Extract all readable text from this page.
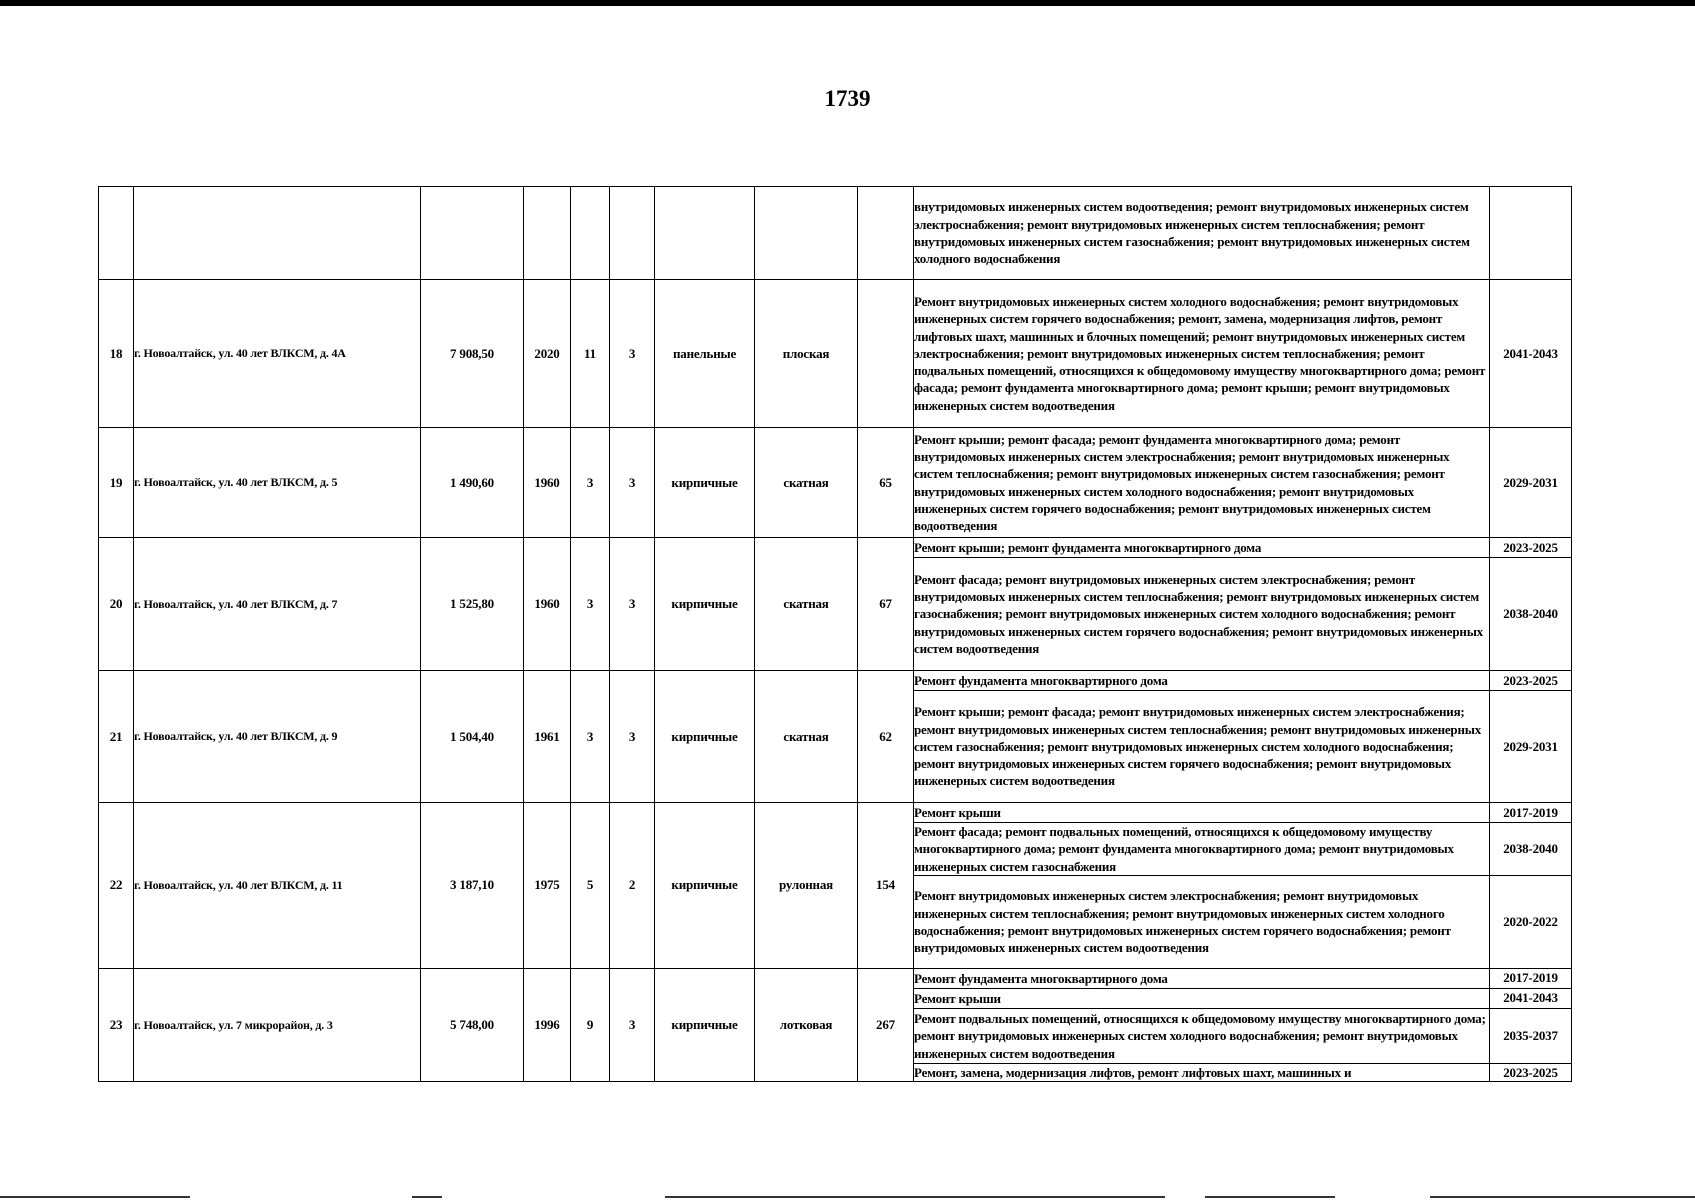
1739
									внутридомовых инженерных систем водоотведения; ремонт внутридомовых инженерных систем электроснабжения; ремонт внутридомовых инженерных систем теплоснабжения; ремонт внутридомовых инженерных систем газоснабжения; ремонт внутридомовых инженерных систем холодного водоснабжения	
18	г. Новоалтайск, ул. 40 лет ВЛКСМ, д. 4А	7 908,50	2020	11	3	панельные	плоская		Ремонт внутридомовых инженерных систем холодного водоснабжения; ремонт внутридомовых инженерных систем горячего водоснабжения; ремонт, замена, модернизация лифтов, ремонт лифтовых шахт, машинных и блочных помещений; ремонт внутридомовых инженерных систем электроснабжения; ремонт внутридомовых инженерных систем теплоснабжения; ремонт подвальных помещений, относящихся к общедомовому имуществу многоквартирного дома; ремонт фасада; ремонт фундамента многоквартирного дома; ремонт крыши; ремонт внутридомовых инженерных систем водоотведения	2041-2043
19	г. Новоалтайск, ул. 40 лет ВЛКСМ, д. 5	1 490,60	1960	3	3	кирпичные	скатная	65	Ремонт крыши; ремонт фасада; ремонт фундамента многоквартирного дома; ремонт внутридомовых инженерных систем электроснабжения; ремонт внутридомовых инженерных систем теплоснабжения; ремонт внутридомовых инженерных систем газоснабжения; ремонт внутридомовых инженерных систем холодного водоснабжения; ремонт внутридомовых инженерных систем горячего водоснабжения; ремонт внутридомовых инженерных систем водоотведения	2029-2031
20	г. Новоалтайск, ул. 40 лет ВЛКСМ, д. 7	1 525,80	1960	3	3	кирпичные	скатная	67	Ремонт крыши; ремонт фундамента многоквартирного дома	2023-2025
									Ремонт фасада; ремонт внутридомовых инженерных систем электроснабжения; ремонт внутридомовых инженерных систем теплоснабжения; ремонт внутридомовых инженерных систем газоснабжения; ремонт внутридомовых инженерных систем холодного водоснабжения; ремонт внутридомовых инженерных систем горячего водоснабжения; ремонт внутридомовых инженерных систем водоотведения	2038-2040
21	г. Новоалтайск, ул. 40 лет ВЛКСМ, д. 9	1 504,40	1961	3	3	кирпичные	скатная	62	Ремонт фундамента многоквартирного дома	2023-2025
									Ремонт крыши; ремонт фасада; ремонт внутридомовых инженерных систем электроснабжения; ремонт внутридомовых инженерных систем теплоснабжения; ремонт внутридомовых инженерных систем газоснабжения; ремонт внутридомовых инженерных систем холодного водоснабжения; ремонт внутридомовых инженерных систем горячего водоснабжения; ремонт внутридомовых инженерных систем водоотведения	2029-2031
22	г. Новоалтайск, ул. 40 лет ВЛКСМ, д. 11	3 187,10	1975	5	2	кирпичные	рулонная	154	Ремонт крыши	2017-2019
									Ремонт фасада; ремонт подвальных помещений, относящихся к общедомовому имуществу многоквартирного дома; ремонт фундамента многоквартирного дома; ремонт внутридомовых инженерных систем газоснабжения	2038-2040
									Ремонт внутридомовых инженерных систем электроснабжения; ремонт внутридомовых инженерных систем теплоснабжения; ремонт внутридомовых инженерных систем холодного водоснабжения; ремонт внутридомовых инженерных систем горячего водоснабжения; ремонт внутридомовых инженерных систем водоотведения	2020-2022
23	г. Новоалтайск, ул. 7 микрорайон, д. 3	5 748,00	1996	9	3	кирпичные	лотковая	267	Ремонт фундамента многоквартирного дома	2017-2019
									Ремонт крыши	2041-2043
									Ремонт подвальных помещений, относящихся к общедомовому имуществу многоквартирного дома; ремонт внутридомовых инженерных систем холодного водоснабжения; ремонт внутридомовых инженерных систем водоотведения	2035-2037
									Ремонт, замена, модернизация лифтов, ремонт лифтовых шахт, машинных и	2023-2025
